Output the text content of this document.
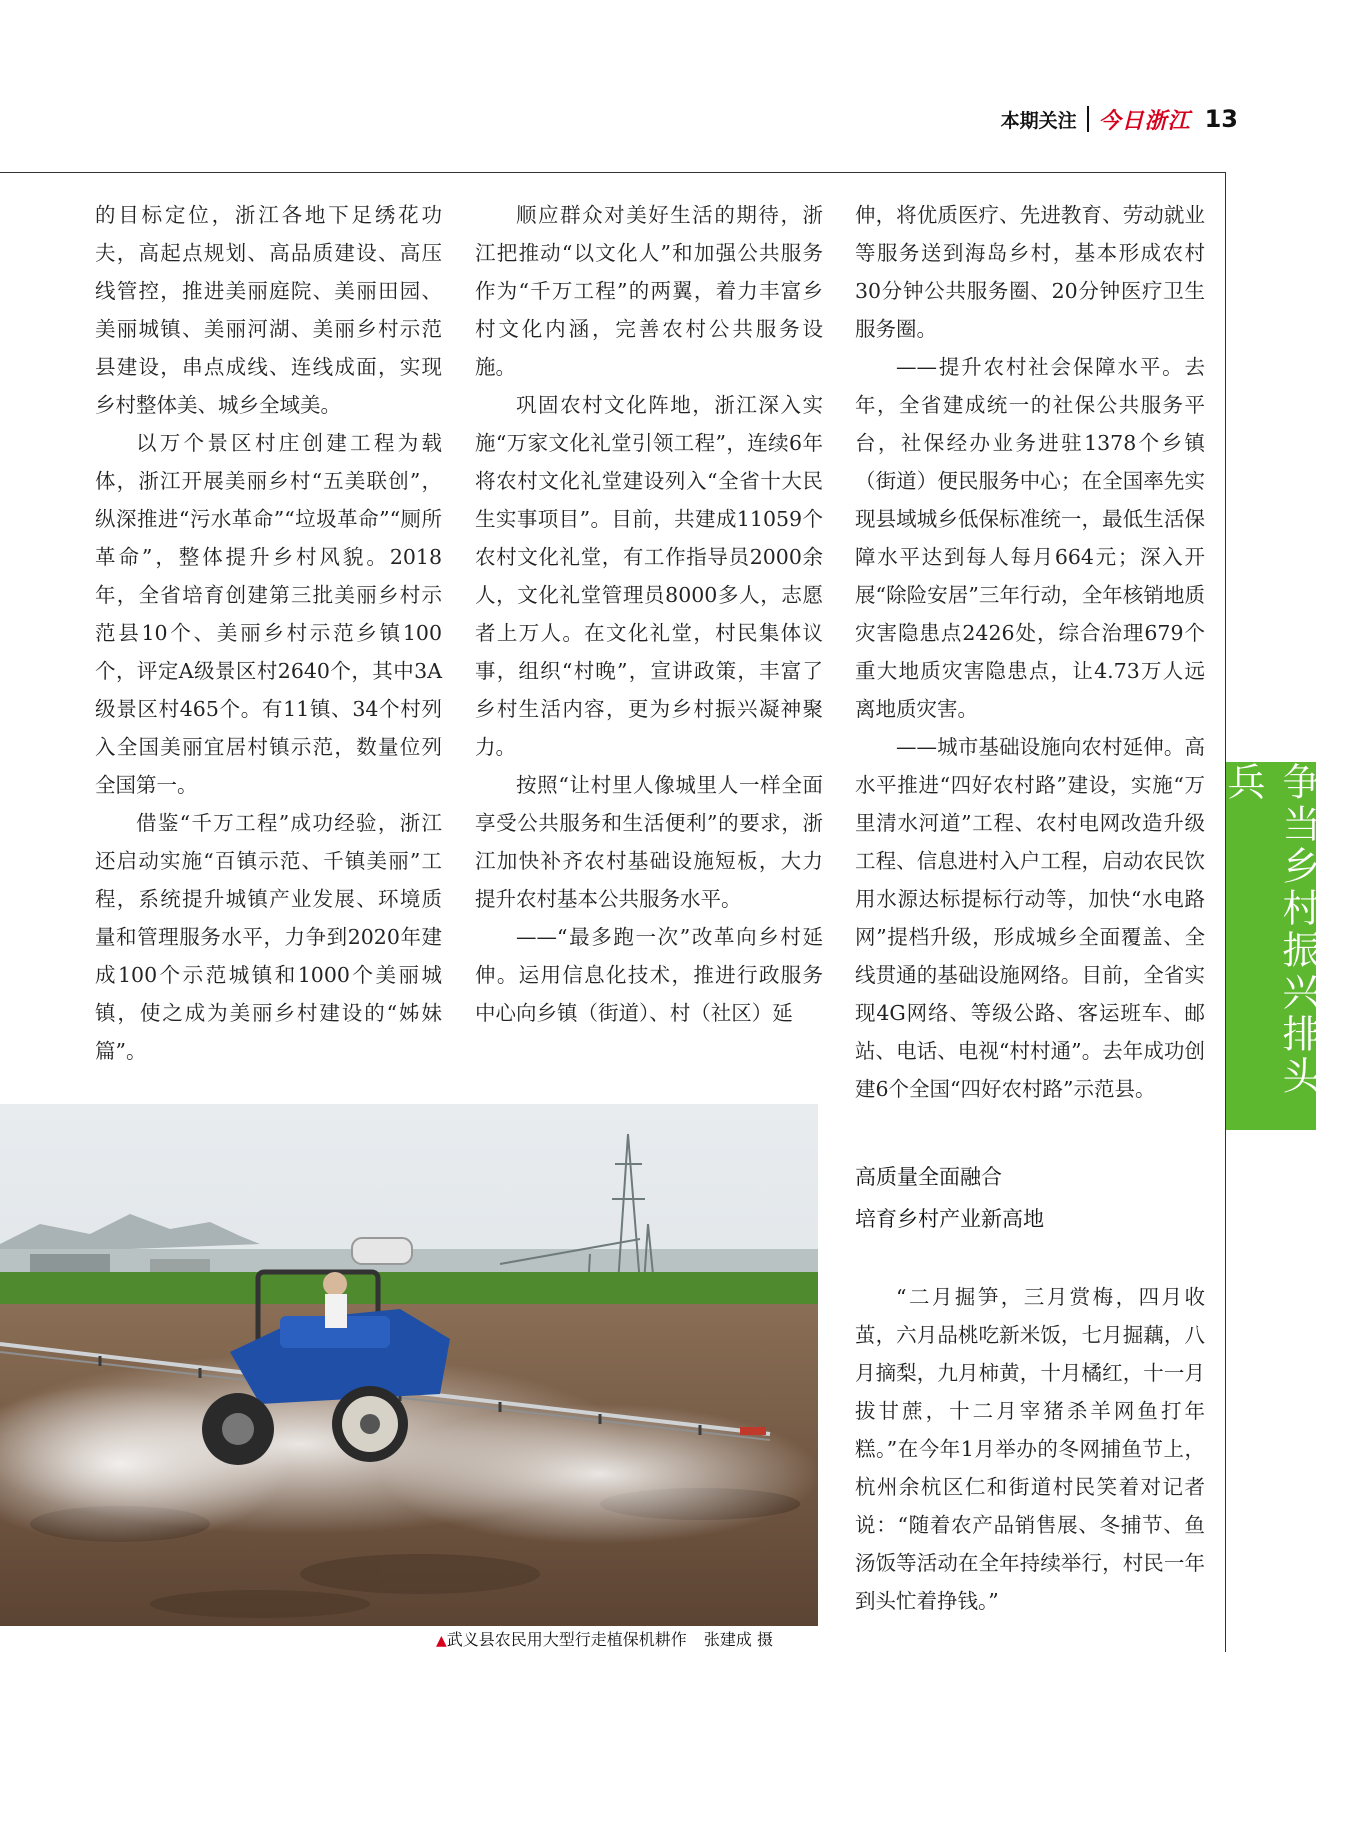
本期关注 今日浙江 13

的目标定位，浙江各地下足绣花功夫，高起点规划、高品质建设、高压线管控，推进美丽庭院、美丽田园、美丽城镇、美丽河湖、美丽乡村示范县建设，串点成线、连线成面，实现乡村整体美、城乡全域美。

以万个景区村庄创建工程为载体，浙江开展美丽乡村“五美联创”，纵深推进“污水革命”“垃圾革命”“厕所革命”，整体提升乡村风貌。2018年，全省培育创建第三批美丽乡村示范县10个、美丽乡村示范乡镇100个，评定A级景区村2640个，其中3A级景区村465个。有11镇、34个村列入全国美丽宜居村镇示范，数量位列全国第一。

借鉴“千万工程”成功经验，浙江还启动实施“百镇示范、千镇美丽”工程，系统提升城镇产业发展、环境质量和管理服务水平，力争到2020年建成100个示范城镇和1000个美丽城镇，使之成为美丽乡村建设的“姊妹篇”。

顺应群众对美好生活的期待，浙江把推动“以文化人”和加强公共服务作为“千万工程”的两翼，着力丰富乡村文化内涵，完善农村公共服务设施。

巩固农村文化阵地，浙江深入实施“万家文化礼堂引领工程”，连续6年将农村文化礼堂建设列入“全省十大民生实事项目”。目前，共建成11059个农村文化礼堂，有工作指导员2000余人，文化礼堂管理员8000多人，志愿者上万人。在文化礼堂，村民集体议事，组织“村晚”，宣讲政策，丰富了乡村生活内容，更为乡村振兴凝神聚力。

按照“让村里人像城里人一样全面享受公共服务和生活便利”的要求，浙江加快补齐农村基础设施短板，大力提升农村基本公共服务水平。

——“最多跑一次”改革向乡村延伸。运用信息化技术，推进行政服务中心向乡镇（街道）、村（社区）延

伸，将优质医疗、先进教育、劳动就业等服务送到海岛乡村，基本形成农村30分钟公共服务圈、20分钟医疗卫生服务圈。

——提升农村社会保障水平。去年，全省建成统一的社保公共服务平台，社保经办业务进驻1378个乡镇（街道）便民服务中心；在全国率先实现县域城乡低保标准统一，最低生活保障水平达到每人每月664元；深入开展“除险安居”三年行动，全年核销地质灾害隐患点2426处，综合治理679个重大地质灾害隐患点，让4.73万人远离地质灾害。

——城市基础设施向农村延伸。高水平推进“四好农村路”建设，实施“万里清水河道”工程、农村电网改造升级工程、信息进村入户工程，启动农民饮用水源达标提标行动等，加快“水电路网”提档升级，形成城乡全面覆盖、全线贯通的基础设施网络。目前，全省实现4G网络、等级公路、客运班车、邮站、电话、电视“村村通”。去年成功创建6个全国“四好农村路”示范县。

高质量全面融合
培育乡村产业新高地

“二月掘笋，三月赏梅，四月收茧，六月品桃吃新米饭，七月掘藕，八月摘梨，九月柿黄，十月橘红，十一月拔甘蔗，十二月宰猪杀羊网鱼打年糕。”在今年1月举办的冬网捕鱼节上，杭州余杭区仁和街道村民笑着对记者说：“随着农产品销售展、冬捕节、鱼汤饭等活动在全年持续举行，村民一年到头忙着挣钱。”

争当乡村振兴排头兵
▲武义县农民用大型行走植保机耕作 张建成 摄
